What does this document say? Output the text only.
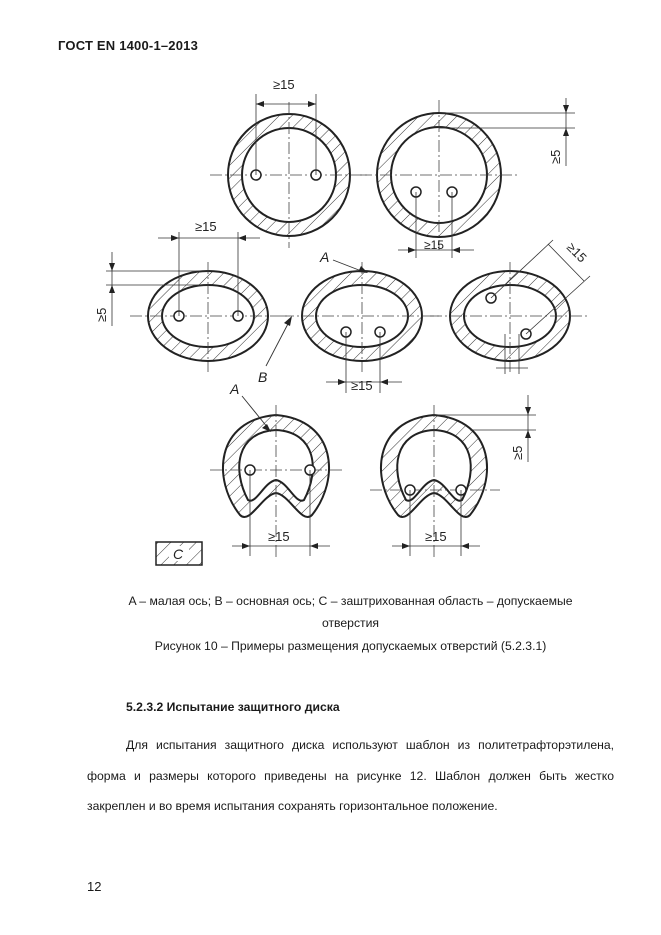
ГОСТ EN 1400-1–2013
≥15
≥15
≥5
≥15
≥5
≥15
A
B
≥15
≥15
A
≥15
≥5
C
A – малая ось; B – основная ось; C – заштрихованная область – допускаемые
отверстия
Рисунок 10 – Примеры размещения допускаемых отверстий (5.2.3.1)
5.2.3.2 Испытание защитного диска
Для испытания защитного диска используют шаблон из политетрафторэтилена, форма и размеры которого приведены на рисунке 12. Шаблон должен быть жестко закреплен и во время испытания сохранять горизонтальное положение.
12
